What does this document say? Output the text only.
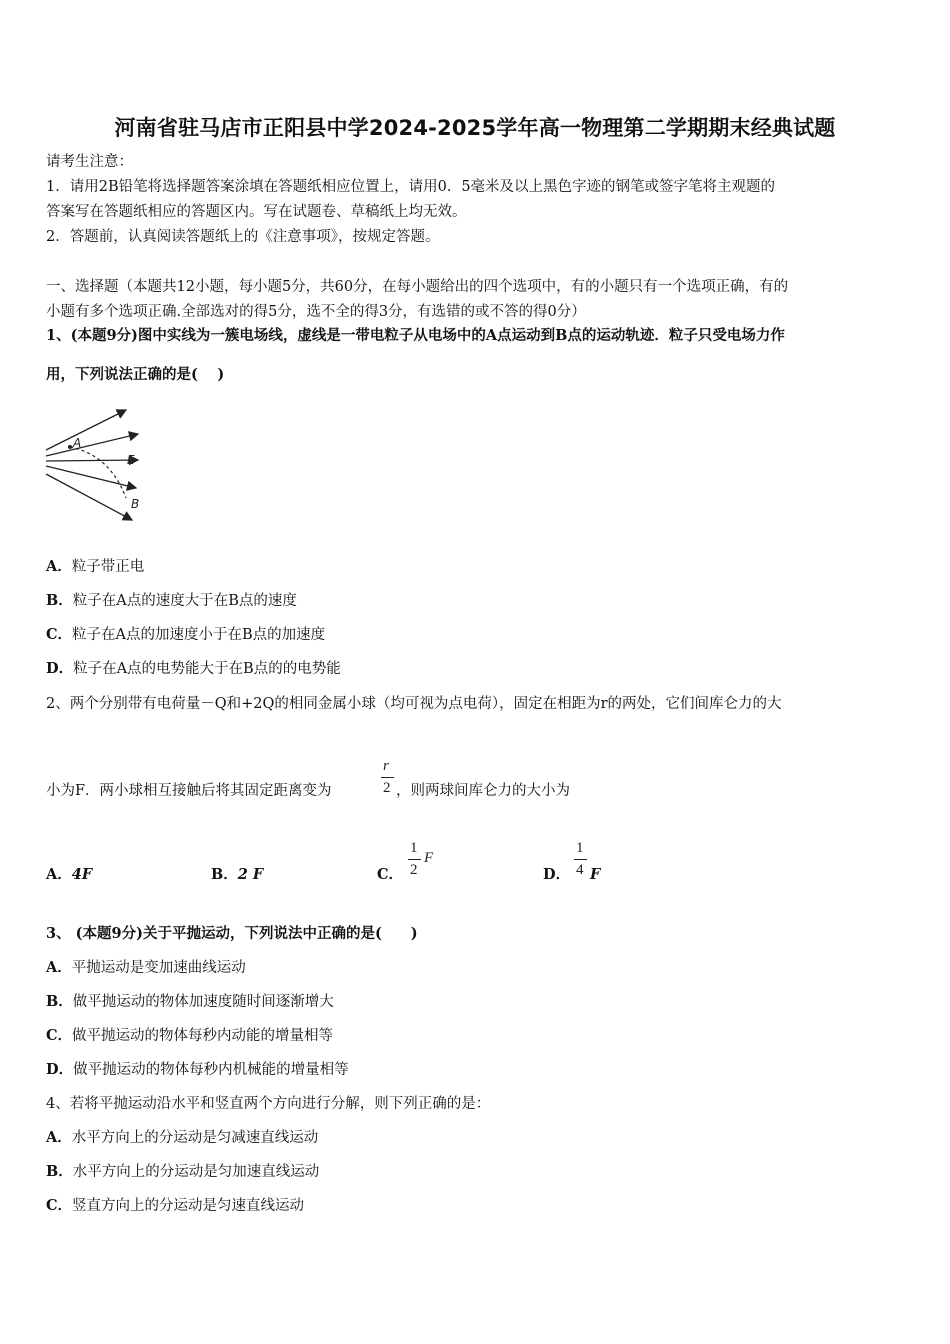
河南省驻马店市正阳县中学2024-2025学年高一物理第二学期期末经典试题
请考生注意：
1．请用2B铅笔将选择题答案涂填在答题纸相应位置上，请用0．5毫米及以上黑色字迹的钢笔或签字笔将主观题的
答案写在答题纸相应的答题区内。写在试题卷、草稿纸上均无效。
2．答题前，认真阅读答题纸上的《注意事项》，按规定答题。
一、选择题（本题共12小题，每小题5分，共60分，在每小题给出的四个选项中，有的小题只有一个选项正确，有的
小题有多个选项正确.全部选对的得5分，选不全的得3分，有选错的或不答的得0分）
1、(本题9分)图中实线为一簇电场线，虚线是一带电粒子从电场中的A点运动到B点的运动轨迹．粒子只受电场力作
用，下列说法正确的是(　 )
A
E
B
A．粒子带正电
B．粒子在A点的速度大于在B点的速度
C．粒子在A点的加速度小于在B点的加速度
D．粒子在A点的电势能大于在B点的的电势能
2、两个分别带有电荷量－Q和+2Q的相同金属小球（均可视为点电荷），固定在相距为r的两处，它们间库仑力的大
小为F．两小球相互接触后将其固定距离变为
r
2 ，则两球间库仑力的大小为
A．4F	B．2 F	C．
1
2
F
D．
1
4 F
3、 (本题9分)关于平抛运动，下列说法中正确的是(　　)
A．平抛运动是变加速曲线运动
B．做平抛运动的物体加速度随时间逐渐增大
C．做平抛运动的物体每秒内动能的增量相等
D．做平抛运动的物体每秒内机械能的增量相等
4、若将平抛运动沿水平和竖直两个方向进行分解，则下列正确的是：
A．水平方向上的分运动是匀减速直线运动
B．水平方向上的分运动是匀加速直线运动
C．竖直方向上的分运动是匀速直线运动
